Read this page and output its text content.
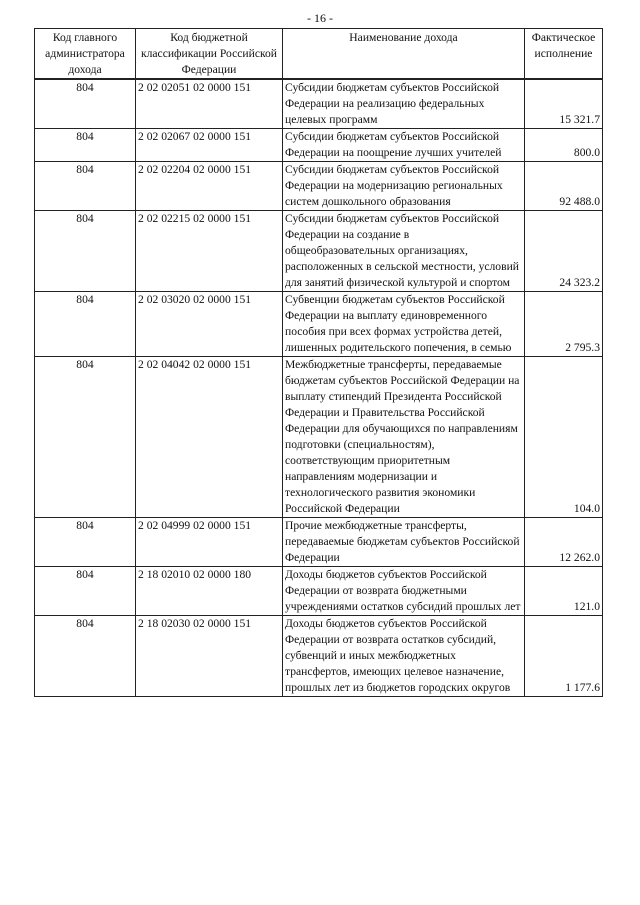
- 16 -
Код главного администратора дохода	Код бюджетной классификации Российской Федерации	Наименование дохода	Фактическое исполнение
804	2 02 02051 02 0000 151	Субсидии бюджетам субъектов Российской Федерации на реализацию федеральных целевых программ	15 321.7
804	2 02 02067 02 0000 151	Субсидии бюджетам субъектов Российской Федерации на поощрение лучших учителей	800.0
804	2 02 02204 02 0000 151	Субсидии бюджетам субъектов Российской Федерации на модернизацию региональных систем дошкольного образования	92 488.0
804	2 02 02215 02 0000 151	Субсидии бюджетам субъектов Российской Федерации на создание в общеобразовательных организациях, расположенных в сельской местности, условий для занятий физической культурой и спортом	24 323.2
804	2 02 03020 02 0000 151	Субвенции бюджетам субъектов Российской Федерации на выплату единовременного пособия при всех формах устройства детей, лишенных родительского попечения, в семью	2 795.3
804	2 02 04042 02 0000 151	Межбюджетные трансферты, передаваемые бюджетам субъектов Российской Федерации на выплату стипендий Президента Российской Федерации и Правительства Российской Федерации для обучающихся по направлениям подготовки (специальностям), соответствующим приоритетным направлениям модернизации и технологического развития экономики Российской Федерации	104.0
804	2 02 04999 02 0000 151	Прочие межбюджетные трансферты, передаваемые бюджетам субъектов Российской Федерации	12 262.0
804	2 18 02010 02 0000 180	Доходы бюджетов субъектов Российской Федерации от возврата бюджетными учреждениями остатков субсидий прошлых лет	121.0
804	2 18 02030 02 0000 151	Доходы бюджетов субъектов Российской Федерации от возврата остатков субсидий, субвенций и иных межбюджетных трансфертов, имеющих целевое назначение, прошлых лет из бюджетов городских округов	1 177.6
